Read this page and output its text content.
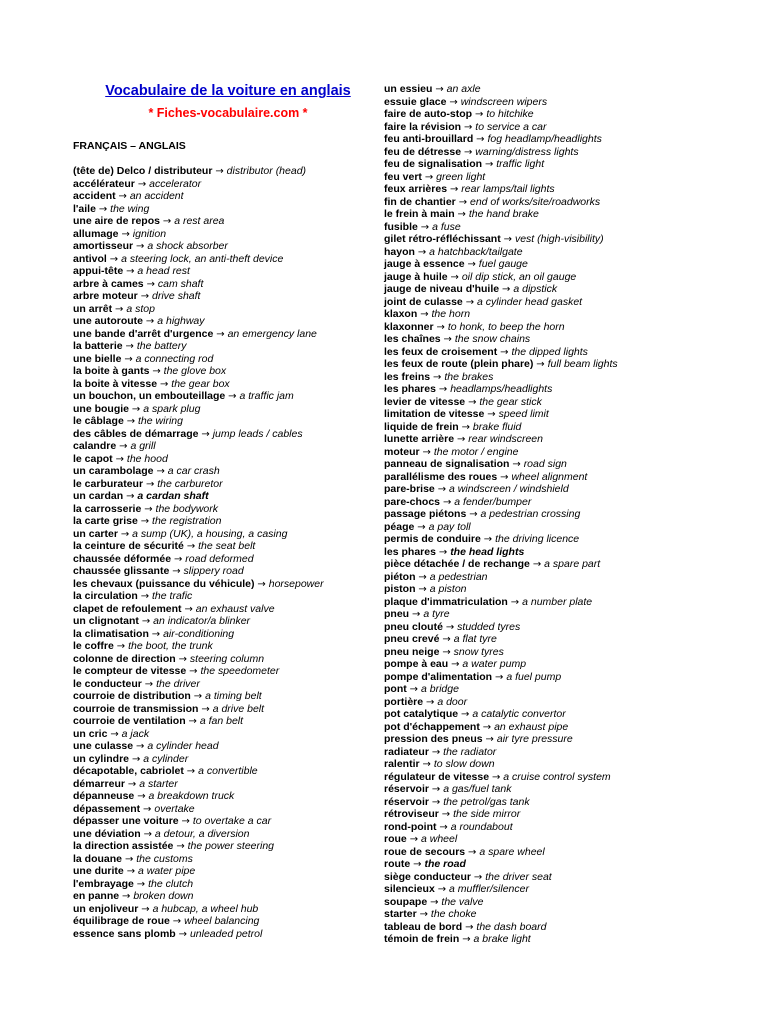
Vocabulaire de la voiture en anglais
* Fiches-vocabulaire.com *
FRANÇAIS – ANGLAIS
(tête de) Delco / distributeur → distributor (head)
accélérateur → accelerator
accident → an accident
l'aile → the wing
une aire de repos → a rest area
allumage → ignition
amortisseur → a shock absorber
antivol → a steering lock, an anti-theft device
appui-tête → a head rest
arbre à cames → cam shaft
arbre moteur → drive shaft
un arrêt → a stop
une autoroute → a highway
une bande d'arrêt d'urgence → an emergency lane
la batterie → the battery
une bielle → a connecting rod
la boite à gants → the glove box
la boite à vitesse → the gear box
un bouchon, un embouteillage → a traffic jam
une bougie → a spark plug
le câblage → the wiring
des câbles de démarrage → jump leads / cables
calandre → a grill
le capot → the hood
un carambolage → a car crash
le carburateur → the carburetor
un cardan → a cardan shaft
la carrosserie → the bodywork
la carte grise → the registration
un carter → a sump (UK), a housing, a casing
la ceinture de sécurité → the seat belt
chaussée déformée → road deformed
chaussée glissante → slippery road
les chevaux (puissance du véhicule) → horsepower
la circulation → the trafic
clapet de refoulement → an exhaust valve
un clignotant → an indicator/a blinker
la climatisation → air-conditioning
le coffre → the boot, the trunk
colonne de direction → steering column
le compteur de vitesse → the speedometer
le conducteur → the driver
courroie de distribution → a timing belt
courroie de transmission → a drive belt
courroie de ventilation → a fan belt
un cric → a jack
une culasse → a cylinder head
un cylindre → a cylinder
décapotable, cabriolet → a convertible
démarreur → a starter
dépanneuse → a breakdown truck
dépassement → overtake
dépasser une voiture → to overtake a car
une déviation → a detour, a diversion
la direction assistée → the power steering
la douane → the customs
une durite → a water pipe
l'embrayage → the clutch
en panne → broken down
un enjoliveur → a hubcap, a wheel hub
équilibrage de roue → wheel balancing
essence sans plomb → unleaded petrol
un essieu → an axle
essuie glace → windscreen wipers
faire de auto-stop → to hitchike
faire la révision → to service a car
feu anti-brouillard → fog headlamp/headlights
feu de détresse → warning/distress lights
feu de signalisation → traffic light
feu vert → green light
feux arrières → rear lamps/tail lights
fin de chantier → end of works/site/roadworks
le frein à main → the hand brake
fusible → a fuse
gilet rétro-réfléchissant → vest (high-visibility)
hayon → a hatchback/tailgate
jauge à essence → fuel gauge
jauge à huile → oil dip stick, an oil gauge
jauge de niveau d'huile → a dipstick
joint de culasse → a cylinder head gasket
klaxon → the horn
klaxonner → to honk, to beep the horn
les chaînes → the snow chains
les feux de croisement → the dipped lights
les feux de route (plein phare) → full beam lights
les freins → the brakes
les phares → headlamps/headlights
levier de vitesse → the gear stick
limitation de vitesse → speed limit
liquide de frein → brake fluid
lunette arrière → rear windscreen
moteur → the motor / engine
panneau de signalisation → road sign
parallélisme des roues → wheel alignment
pare-brise → a windscreen / windshield
pare-chocs → a fender/bumper
passage piétons → a pedestrian crossing
péage → a pay toll
permis de conduire → the driving licence
les phares → the head lights
pièce détachée / de rechange → a spare part
piéton → a pedestrian
piston → a piston
plaque d'immatriculation → a number plate
pneu → a tyre
pneu clouté → studded tyres
pneu crevé → a flat tyre
pneu neige → snow tyres
pompe à eau → a water pump
pompe d'alimentation → a fuel pump
pont → a bridge
portière → a door
pot catalytique → a catalytic convertor
pot d'échappement → an exhaust pipe
pression des pneus → air tyre pressure
radiateur → the radiator
ralentir → to slow down
régulateur de vitesse → a cruise control system
réservoir → a gas/fuel tank
réservoir → the petrol/gas tank
rétroviseur → the side mirror
rond-point → a roundabout
roue → a wheel
roue de secours → a spare wheel
route → the road
siège conducteur → the driver seat
silencieux → a muffler/silencer
soupape → the valve
starter → the choke
tableau de bord → the dash board
témoin de frein → a brake light
